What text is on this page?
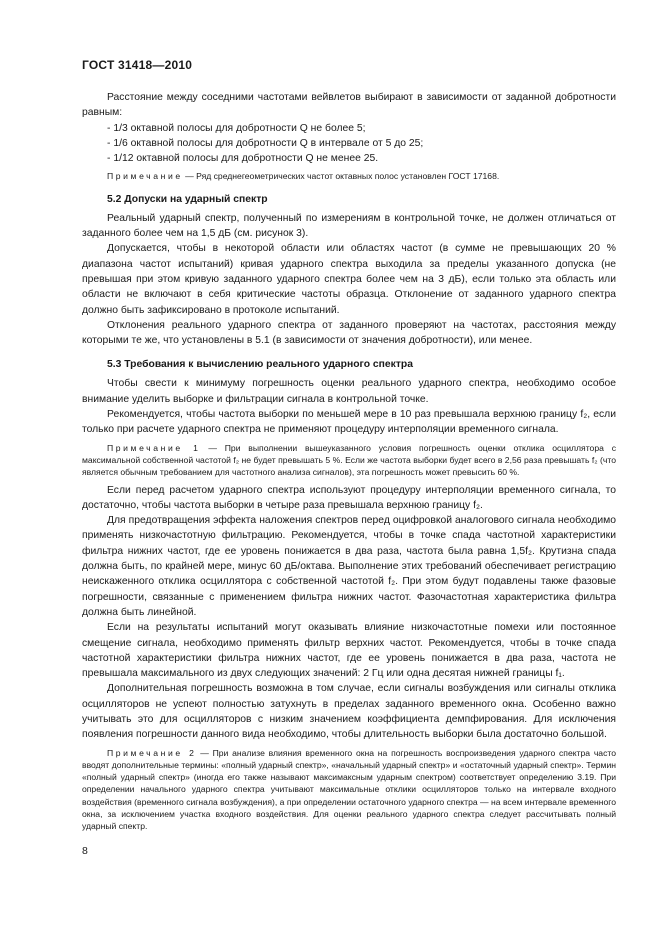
ГОСТ 31418—2010

Расстояние между соседними частотами вейвлетов выбирают в зависимости от заданной добротности равным:

- 1/3 октавной полосы для добротности Q не более 5;

- 1/6 октавной полосы для добротности Q в интервале от 5 до 25;

- 1/12 октавной полосы для добротности Q не менее 25.

Примечание — Ряд среднегеометрических частот октавных полос установлен ГОСТ 17168.

5.2 Допуски на ударный спектр

Реальный ударный спектр, полученный по измерениям в контрольной точке, не должен отличаться от заданного более чем на 1,5 дБ (см. рисунок 3).

Допускается, чтобы в некоторой области или областях частот (в сумме не превышающих 20 % диапазона частот испытаний) кривая ударного спектра выходила за пределы указанного допуска (не превышая при этом кривую заданного ударного спектра более чем на 3 дБ), если только эта область или области не включают в себя критические частоты образца. Отклонение от заданного ударного спектра должно быть зафиксировано в протоколе испытаний.

Отклонения реального ударного спектра от заданного проверяют на частотах, расстояния между которыми те же, что установлены в 5.1 (в зависимости от значения добротности), или менее.

5.3 Требования к вычислению реального ударного спектра

Чтобы свести к минимуму погрешность оценки реального ударного спектра, необходимо особое внимание уделить выборке и фильтрации сигнала в контрольной точке.

Рекомендуется, чтобы частота выборки по меньшей мере в 10 раз превышала верхнюю границу f₂, если только при расчете ударного спектра не применяют процедуру интерполяции временного сигнала.

Примечание 1 — При выполнении вышеуказанного условия погрешность оценки отклика осциллятора с максимальной собственной частотой f₂ не будет превышать 5 %. Если же частота выборки будет всего в 2,56 раза превышать f₂ (что является обычным требованием для частотного анализа сигналов), эта погрешность может превысить 60 %.

Если перед расчетом ударного спектра используют процедуру интерполяции временного сигнала, то достаточно, чтобы частота выборки в четыре раза превышала верхнюю границу f₂.

Для предотвращения эффекта наложения спектров перед оцифровкой аналогового сигнала необходимо применять низкочастотную фильтрацию. Рекомендуется, чтобы в точке спада частотной характеристики фильтра нижних частот, где ее уровень понижается в два раза, частота была равна 1,5f₂. Крутизна спада должна быть, по крайней мере, минус 60 дБ/октава. Выполнение этих требований обеспечивает регистрацию неискаженного отклика осциллятора с собственной частотой f₂. При этом будут подавлены также фазовые погрешности, связанные с применением фильтра нижних частот. Фазочастотная характеристика фильтра должна быть линейной.

Если на результаты испытаний могут оказывать влияние низкочастотные помехи или постоянное смещение сигнала, необходимо применять фильтр верхних частот. Рекомендуется, чтобы в точке спада частотной характеристики фильтра нижних частот, где ее уровень понижается в два раза, частота не превышала максимального из двух следующих значений: 2 Гц или одна десятая нижней границы f₁.

Дополнительная погрешность возможна в том случае, если сигналы возбуждения или сигналы отклика осцилляторов не успеют полностью затухнуть в пределах заданного временного окна. Особенно важно учитывать это для осцилляторов с низким значением коэффициента демпфирования. Для исключения появления погрешности данного вида необходимо, чтобы длительность выборки была достаточно большой.

Примечание 2 — При анализе влияния временного окна на погрешность воспроизведения ударного спектра часто вводят дополнительные термины: «полный ударный спектр», «начальный ударный спектр» и «остаточный ударный спектр». Термин «полный ударный спектр» (иногда его также называют максимаксным ударным спектром) соответствует определению 3.19. При определении начального ударного спектра учитывают максимальные отклики осцилляторов только на интервале входного воздействия (временного сигнала возбуждения), а при определении остаточного ударного спектра — на всем интервале временного окна, за исключением участка входного воздействия. Для оценки реального ударного спектра следует рассчитывать полный ударный спектр.

8
